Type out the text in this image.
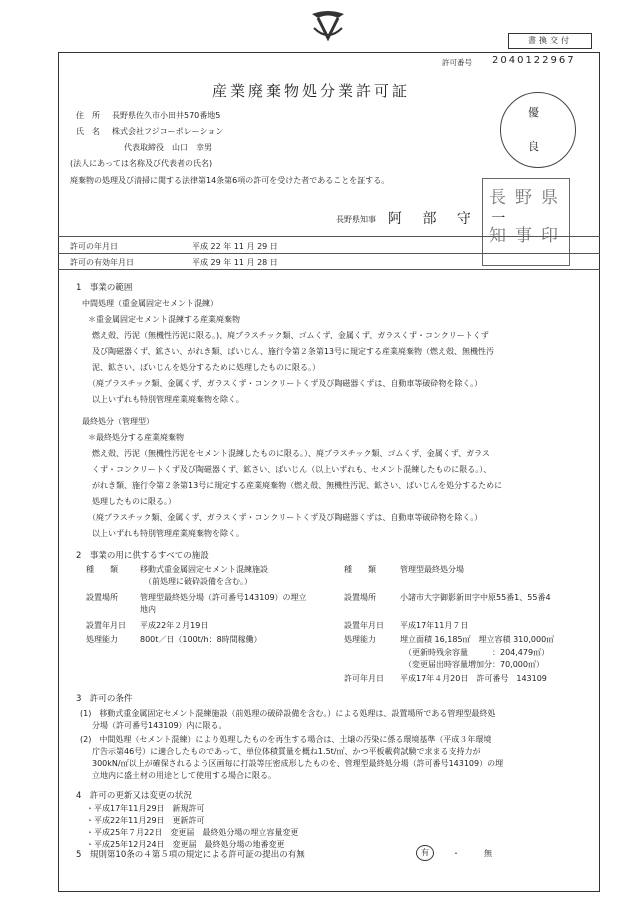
書換交付
許可番号 2040122967
産業廃棄物処分業許可証
優
良
住　所 長野県佐久市小田井570番地5
氏　名 株式会社フジコーポレーション
代表取締役　山口　幸男
(法人にあっては名称及び代表者の氏名)
廃棄物の処理及び清掃に関する法律第14条第6項の許可を受けた者であることを証する。
長野県知事 阿 部 守 一
長 野 県
知 事 印
許可の年月日	平成 22 年 11 月 29 日
許可の有効年月日	平成 29 年 11 月 28 日
1　事業の範囲
中間処理（重金属固定セメント混練）
＊重金属固定セメント混練する産業廃棄物
燃え殻、汚泥（無機性汚泥に限る。)、廃プラスチック類、ゴムくず、金属くず、ガラスくず・コンクリートくず
及び陶磁器くず、鉱さい、がれき類、ばいじん、施行令第２条第13号に規定する産業廃棄物（燃え殻、無機性汚
泥、鉱さい、ばいじんを処分するために処理したものに限る。）
（廃プラスチック類、金属くず、ガラスくず・コンクリートくず及び陶磁器くずは、自動車等破砕物を除く。）
以上いずれも特別管理産業廃棄物を除く。
最終処分（管理型）
＊最終処分する産業廃棄物
燃え殻、汚泥（無機性汚泥をセメント混練したものに限る。）、廃プラスチック類、ゴムくず、金属くず、ガラス
くず・コンクリートくず及び陶磁器くず、鉱さい、ばいじん（以上いずれも、セメント混練したものに限る。）、
がれき類、施行令第２条第13号に規定する産業廃棄物（燃え殻、無機性汚泥、鉱さい、ばいじんを処分するために
処理したものに限る。）
（廃プラスチック類、金属くず、ガラスくず・コンクリートくず及び陶磁器くずは、自動車等破砕物を除く。）
以上いずれも特別管理産業廃棄物を除く。
2　事業の用に供するすべての施設
種　　類	移動式重金属固定セメント混練施設
（前処理に破砕設備を含む。）
設置場所	管理型最終処分場（許可番号143109）の埋立
地内
設置年月日 平成22年２月19日
処理能力	800t／日（100t/h：8時間稼働）
種　　類	管理型最終処分場
設置場所	小諸市大字御影新田字中原55番1、55番4
設置年月日 平成17年11月７日
処理能力	埋立面積 16,185㎡　埋立容積 310,000㎥
（更新時残余容量　　　：204,479㎥）
（変更届出時容量増加分：70,000㎥）
許可年月日 平成17年４月20日　許可番号　143109
3　許可の条件
(1)　移動式重金属固定セメント混練施設（前処理の破砕設備を含む。）による処理は、設置場所である管理型最終処
分場（許可番号143109）内に限る。
(2)　中間処理（セメント混練）により処理したものを再生する場合は、土壌の汚染に係る環境基準（平成３年環境
庁告示第46号）に適合したものであって、単位体積質量を概ね1.5t/㎥、かつ平板載荷試験で求まる支持力が
300kN/㎡以上が確保されるよう区画毎に打設等圧密成形したものを、管理型最終処分場（許可番号143109）の埋
立地内に盛土材の用途として使用する場合に限る。
4　許可の更新又は変更の状況
・平成17年11月29日　新規許可
・平成22年11月29日　更新許可
・平成25年７月22日　変更届　最終処分場の埋立容量変更
・平成25年12月24日　変更届　最終処分場の地番変更
5　規則第10条の４第５項の規定による許可証の提出の有無	有	・	無
